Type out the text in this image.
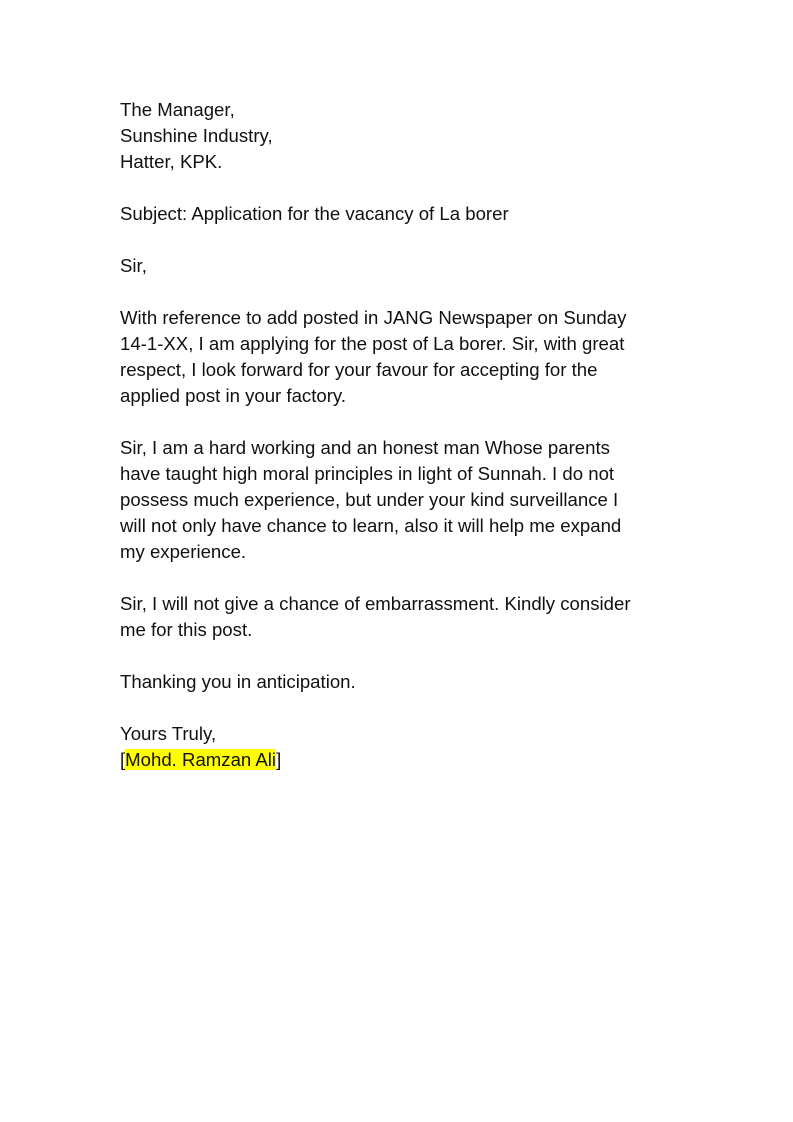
The Manager,
Sunshine Industry,
Hatter, KPK.
Subject: Application for the vacancy of La borer
Sir,
With reference to add posted in JANG Newspaper on Sunday
14-1-XX, I am applying for the post of La borer. Sir, with great
respect, I look forward for your favour for accepting for the
applied post in your factory.
Sir, I am a hard working and an honest man Whose parents
have taught high moral principles in light of Sunnah. I do not
possess much experience, but under your kind surveillance I
will not only have chance to learn, also it will help me expand
my experience.
Sir, I will not give a chance of embarrassment. Kindly consider
me for this post.
Thanking you in anticipation.
Yours Truly,
[Mohd. Ramzan Ali]
